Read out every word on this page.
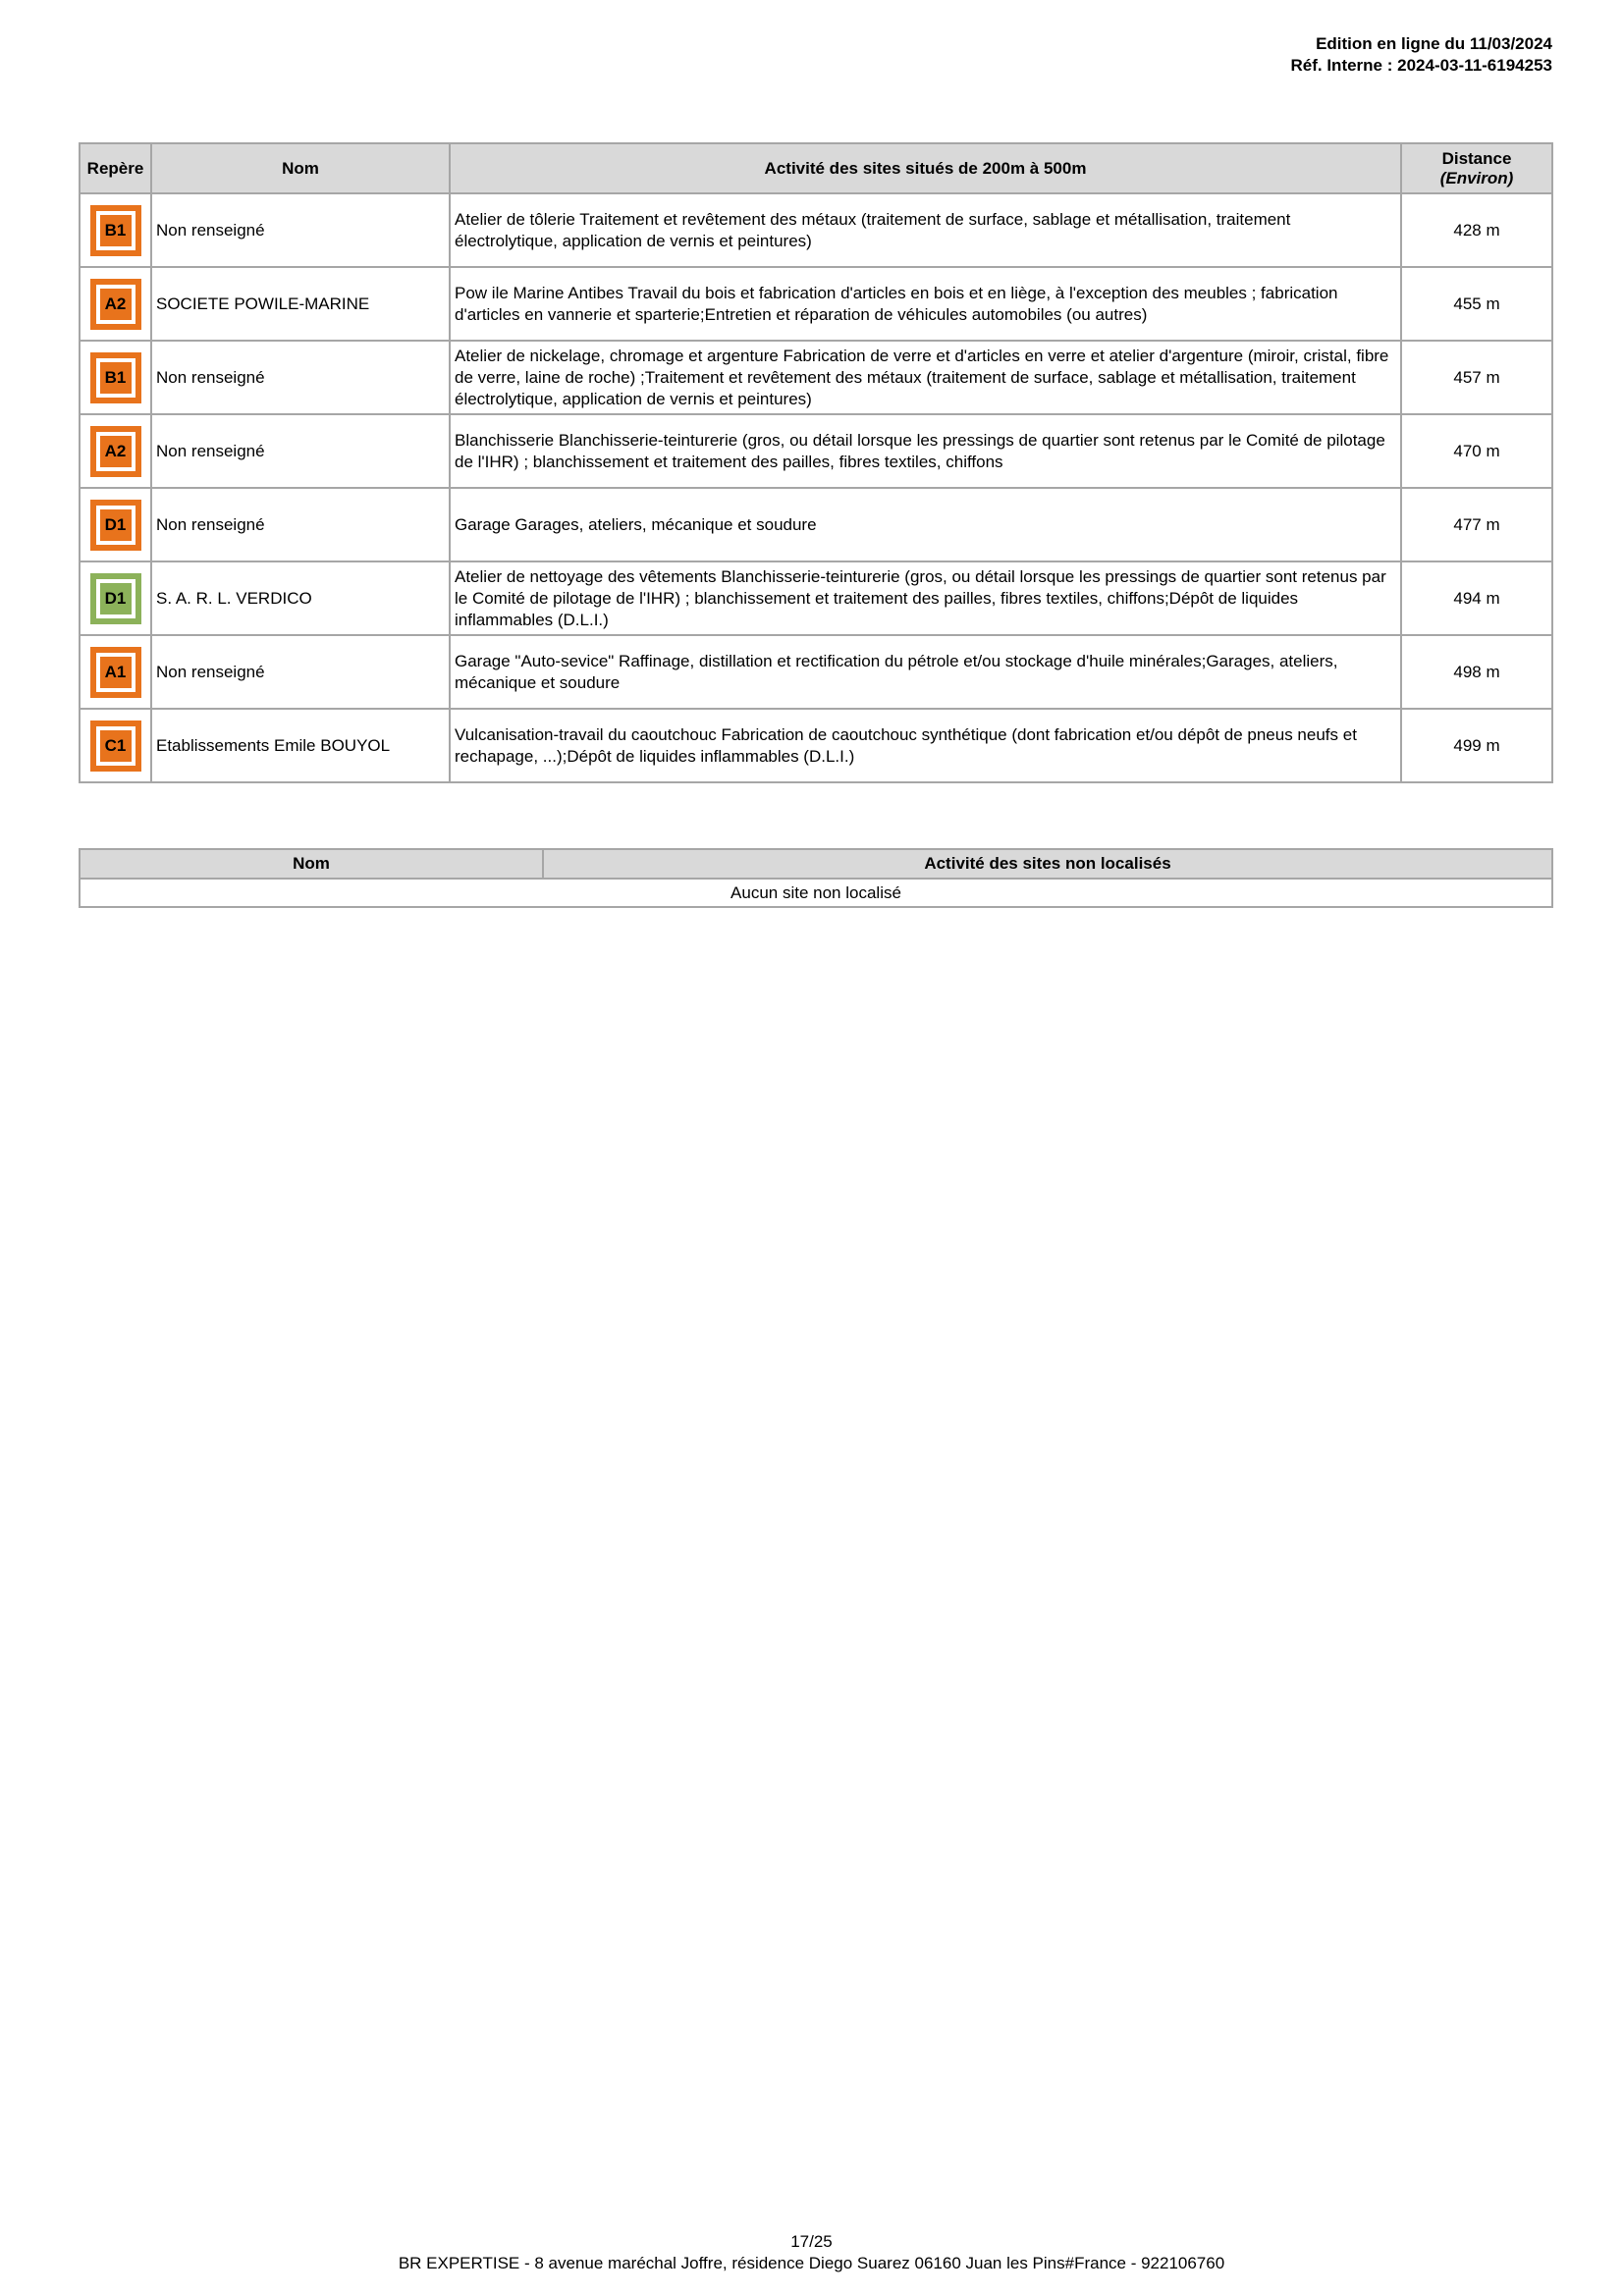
Edition en ligne du 11/03/2024
Réf. Interne : 2024-03-11-6194253
Repère	Nom	Activité des sites situés de 200m à 500m	Distance
(Environ)

B1	Non renseigné	Atelier de tôlerie Traitement et revêtement des métaux (traitement de surface, sablage et métallisation, traitement électrolytique, application de vernis et peintures)	428 m

A2	SOCIETE POWILE-MARINE	Pow ile Marine Antibes Travail du bois et fabrication d'articles en bois et en liège, à l'exception des meubles ; fabrication d'articles en vannerie et sparterie;Entretien et réparation de véhicules automobiles (ou autres)	455 m

B1	Non renseigné	Atelier de nickelage, chromage et argenture Fabrication de verre et d'articles en verre et atelier d'argenture (miroir, cristal, fibre de verre, laine de roche) ;Traitement et revêtement des métaux (traitement de surface, sablage et métallisation, traitement électrolytique, application de vernis et peintures)	457 m

A2	Non renseigné	Blanchisserie Blanchisserie-teinturerie (gros, ou détail lorsque les pressings de quartier sont retenus par le Comité de pilotage de l'IHR) ; blanchissement et traitement des pailles, fibres textiles, chiffons	470 m

D1	Non renseigné	Garage Garages, ateliers, mécanique et soudure	477 m

D1	S. A. R. L. VERDICO	Atelier de nettoyage des vêtements Blanchisserie-teinturerie (gros, ou détail lorsque les pressings de quartier sont retenus par le Comité de pilotage de l'IHR) ; blanchissement et traitement des pailles, fibres textiles, chiffons;Dépôt de liquides inflammables (D.L.I.)	494 m

A1	Non renseigné	Garage "Auto-sevice" Raffinage, distillation et rectification du pétrole et/ou stockage d'huile minérales;Garages, ateliers, mécanique et soudure	498 m

C1	Etablissements Emile BOUYOL	Vulcanisation-travail du caoutchouc Fabrication de caoutchouc synthétique (dont fabrication et/ou dépôt de pneus neufs et rechapage, ...);Dépôt de liquides inflammables (D.L.I.)	499 m
Nom	Activité des sites non localisés
Aucun site non localisé
17/25
BR EXPERTISE - 8 avenue maréchal Joffre, résidence Diego Suarez 06160 Juan les Pins#France - 922106760
